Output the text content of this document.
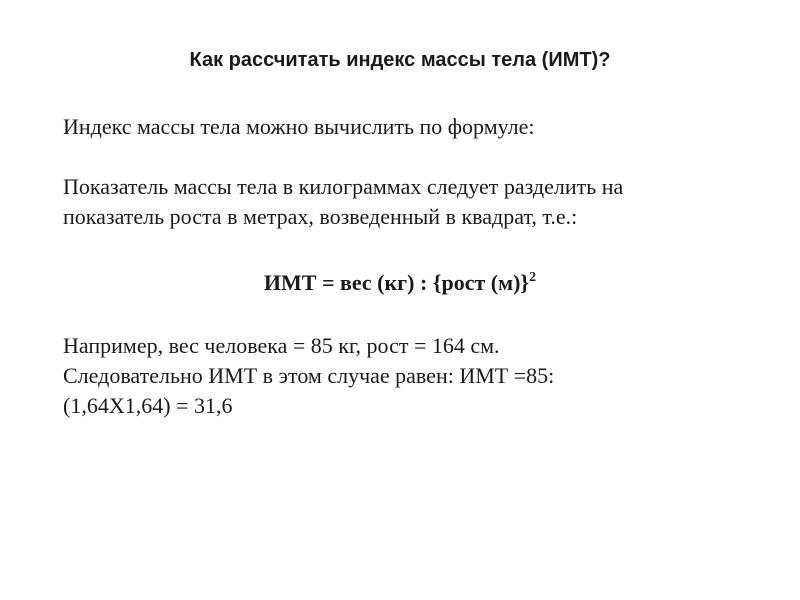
Как рассчитать индекс массы тела (ИМТ)?

Индекс массы тела можно вычислить по формуле:

Показатель массы тела в килограммах следует разделить на
показатель роста в метрах, возведенный в квадрат, т.е.:

ИМТ = вес (кг) : {рост (м)}$^2$

Например, вес человека = 85 кг, рост = 164 см.
Следовательно ИМТ в этом случае равен: ИМТ =85:
(1,64Х1,64) = 31,6
